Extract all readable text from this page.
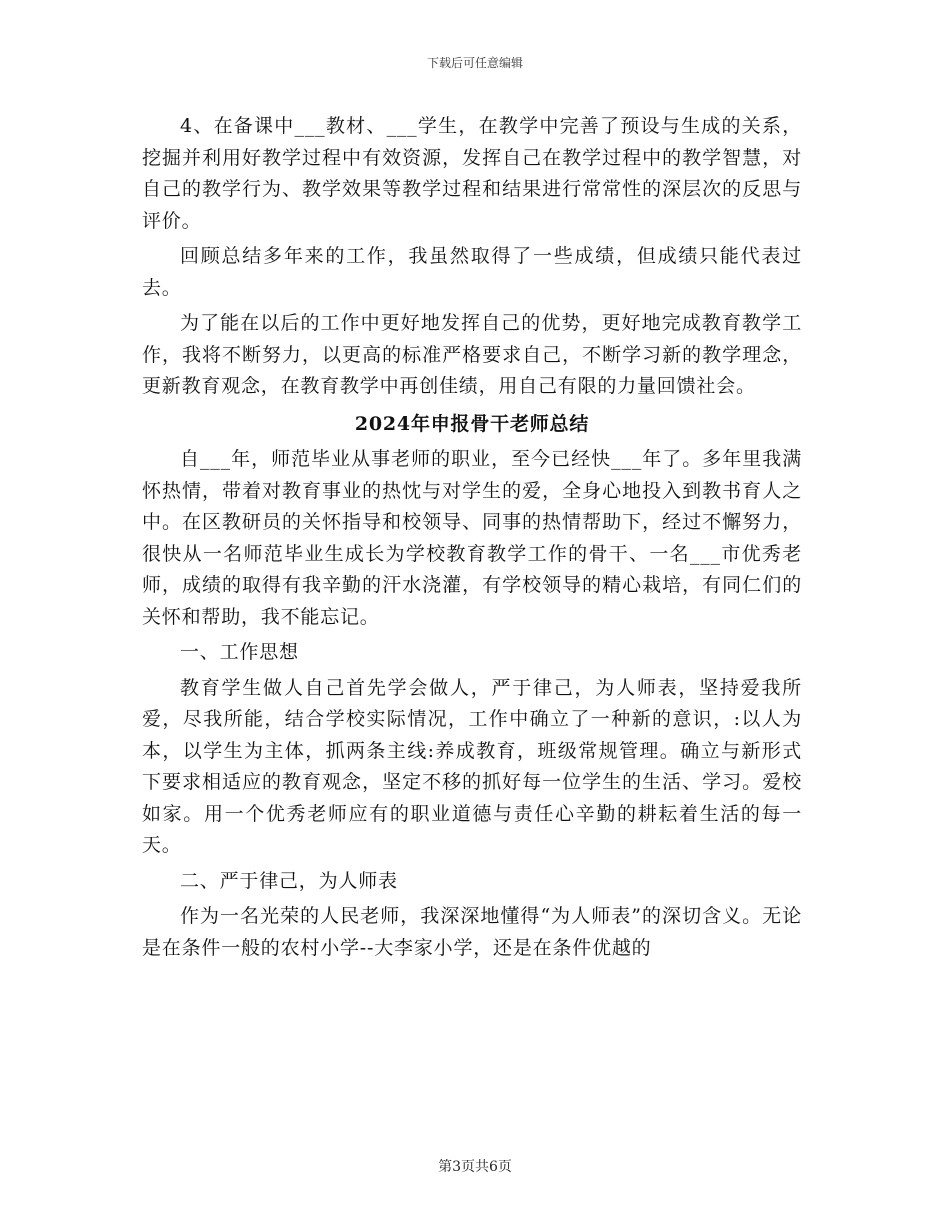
下载后可任意编辑

4、在备课中___教材、___学生，在教学中完善了预设与生成的关系，挖掘并利用好教学过程中有效资源，发挥自己在教学过程中的教学智慧，对自己的教学行为、教学效果等教学过程和结果进行常常性的深层次的反思与评价。

回顾总结多年来的工作，我虽然取得了一些成绩，但成绩只能代表过去。

为了能在以后的工作中更好地发挥自己的优势，更好地完成教育教学工作，我将不断努力，以更高的标准严格要求自己，不断学习新的教学理念，更新教育观念，在教育教学中再创佳绩，用自己有限的力量回馈社会。

2024年申报骨干老师总结

自___年，师范毕业从事老师的职业，至今已经快___年了。多年里我满怀热情，带着对教育事业的热忱与对学生的爱，全身心地投入到教书育人之中。在区教研员的关怀指导和校领导、同事的热情帮助下，经过不懈努力，很快从一名师范毕业生成长为学校教育教学工作的骨干、一名___市优秀老师，成绩的取得有我辛勤的汗水浇灌，有学校领导的精心栽培，有同仁们的关怀和帮助，我不能忘记。

一、工作思想

教育学生做人自己首先学会做人，严于律己，为人师表，坚持爱我所爱，尽我所能，结合学校实际情况，工作中确立了一种新的意识，:以人为本，以学生为主体，抓两条主线:养成教育，班级常规管理。确立与新形式下要求相适应的教育观念，坚定不移的抓好每一位学生的生活、学习。爱校如家。用一个优秀老师应有的职业道德与责任心辛勤的耕耘着生活的每一天。

二、严于律己，为人师表

作为一名光荣的人民老师，我深深地懂得“为人师表”的深切含义。无论是在条件一般的农村小学--大李家小学，还是在条件优越的

第3页共6页
